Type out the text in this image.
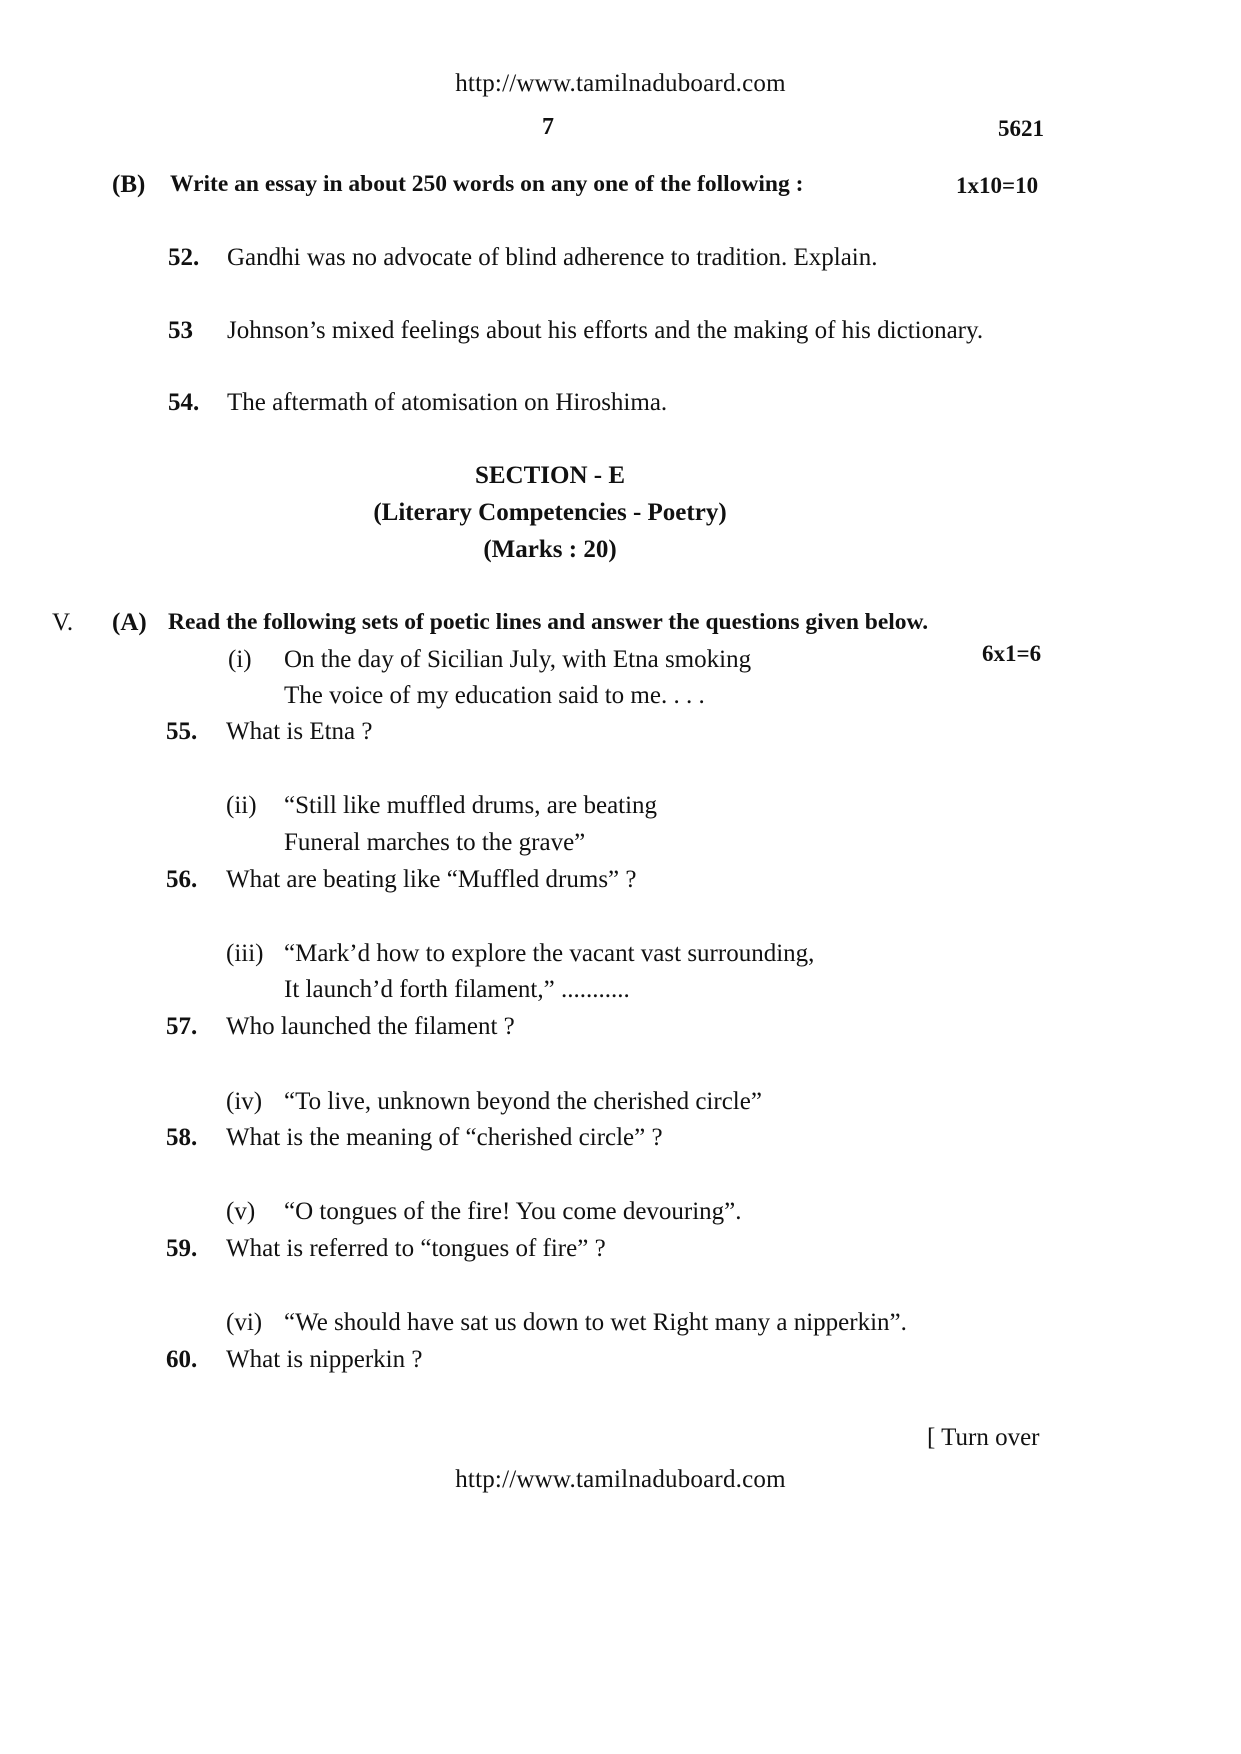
http://www.tamilnaduboard.com
7	5621
(B) Write an essay in about 250 words on any one of the following :	1x10=10
52. Gandhi was no advocate of blind adherence to tradition. Explain.
53 Johnson’s mixed feelings about his efforts and the making of his dictionary.
54. The aftermath of atomisation on Hiroshima.
SECTION - E
(Literary Competencies - Poetry)
(Marks : 20)
V. (A) Read the following sets of poetic lines and answer the questions given below.
6x1=6
(i) On the day of Sicilian July, with Etna smoking
The voice of my education said to me. . . .
55. What is Etna ?
(ii) “Still like muffled drums, are beating
Funeral marches to the grave”
56. What are beating like “Muffled drums” ?
(iii) “Mark’d how to explore the vacant vast surrounding,
It launch’d forth filament,” ...........
57. Who launched the filament ?
(iv) “To live, unknown beyond the cherished circle”
58. What is the meaning of “cherished circle” ?
(v) “O tongues of the fire! You come devouring”.
59. What is referred to “tongues of fire” ?
(vi) “We should have sat us down to wet Right many a nipperkin”.
60. What is nipperkin ?
[ Turn over
http://www.tamilnaduboard.com
